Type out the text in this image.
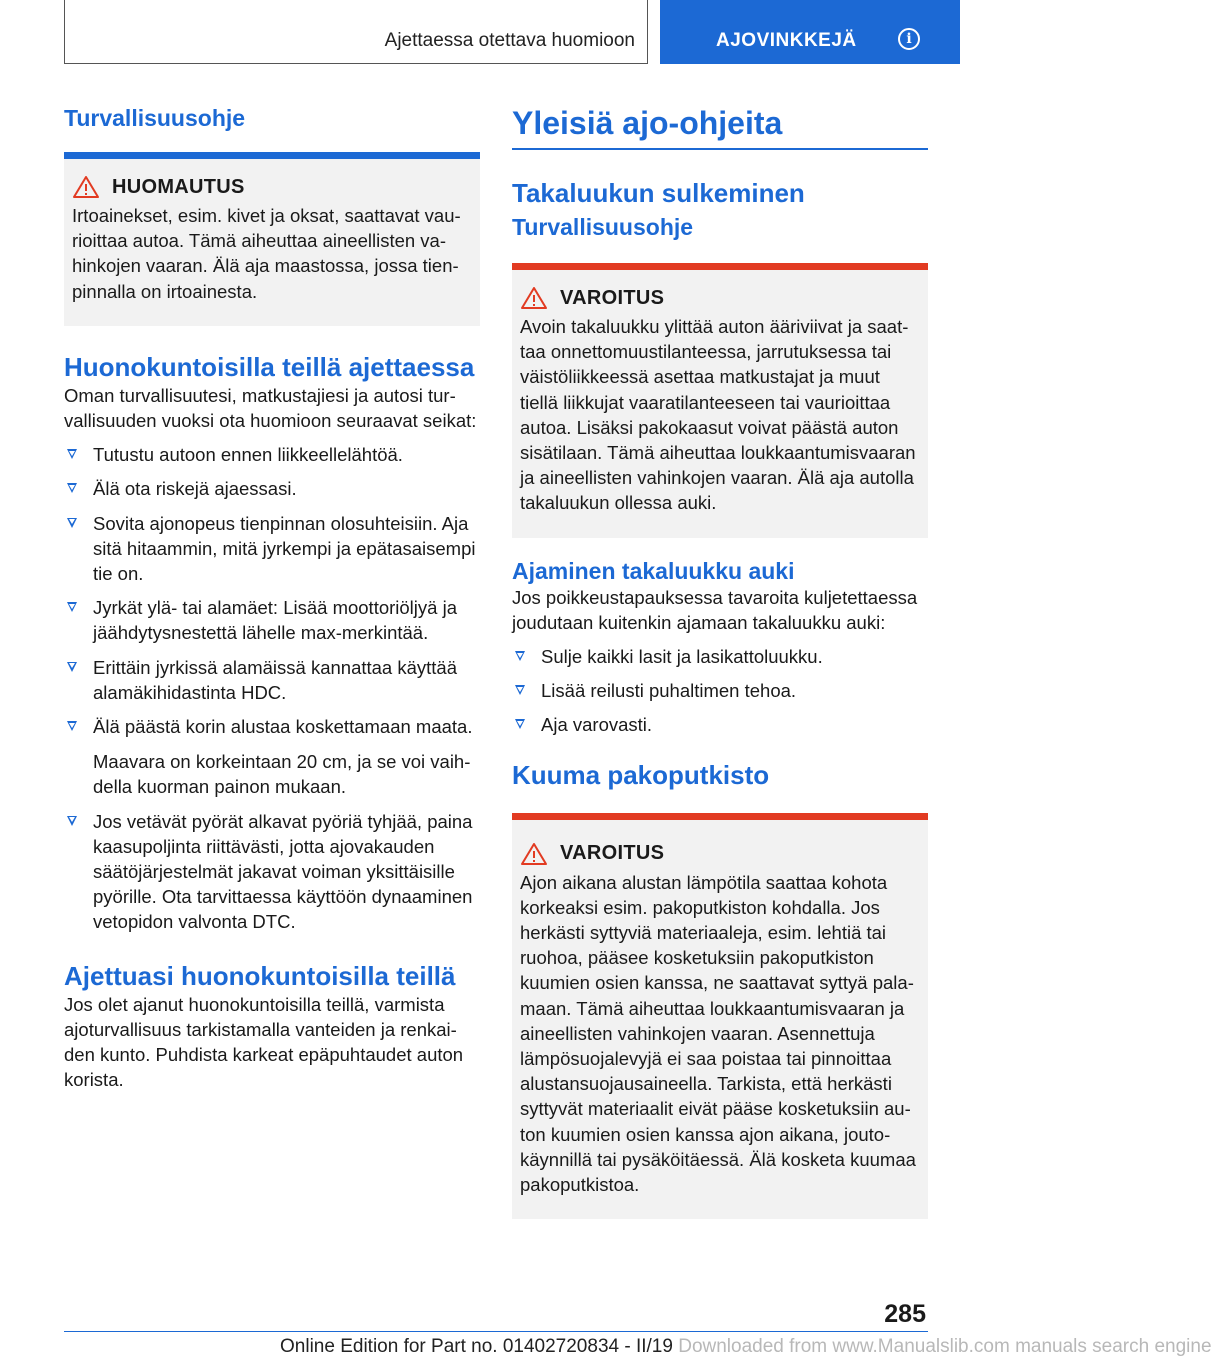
Ajettaessa otettava huomioon	AJOVINKKEJÄ	i
Turvallisuusohje
HUOMAUTUS

Irtoainekset, esim. kivet ja oksat, saattavat vaurioittaa autoa. Tämä aiheuttaa aineellisten vahinkojen vaaran. Älä aja maastossa, jossa tienpinnalla on irtoainesta.

Huonokuntoisilla teillä ajettaessa

Oman turvallisuutesi, matkustajiesi ja autosi turvallisuuden vuoksi ota huomioon seuraavat seikat:

Tutustu autoon ennen liikkeellelähtöä.
Älä ota riskejä ajaessasi.
Sovita ajonopeus tienpinnan olosuhteisiin. Aja sitä hitaammin, mitä jyrkempi ja epätasaisempi tie on.
Jyrkät ylä- tai alamäet: Lisää moottoriöljyä ja jäähdytysnestettä lähelle max-merkintää.
Erittäin jyrkissä alamäissä kannattaa käyttää alamäkihidastinta HDC.
Älä päästä korin alustaa koskettamaan maata.

Maavara on korkeintaan 20 cm, ja se voi vaihdella kuorman painon mukaan.

Jos vetävät pyörät alkavat pyöriä tyhjää, paina kaasupoljinta riittävästi, jotta ajovakauden säätöjärjestelmät jakavat voiman yksittäisille pyörille. Ota tarvittaessa käyttöön dynaaminen vetopidon valvonta DTC.
Ajettuasi huonokuntoisilla teillä

Jos olet ajanut huonokuntoisilla teillä, varmista ajoturvallisuus tarkistamalla vanteiden ja renkaiden kunto. Puhdista karkeat epäpuhtaudet auton korista.

Yleisiä ajo-ohjeita
Takaluukun sulkeminen
Turvallisuusohje
VAROITUS

Avoin takaluukku ylittää auton ääriviivat ja saattaa onnettomuustilanteessa, jarrutuksessa tai väistöliikkeessä asettaa matkustajat ja muut tiellä liikkujat vaaratilanteeseen tai vaurioittaa autoa. Lisäksi pakokaasut voivat päästä auton sisätilaan. Tämä aiheuttaa loukkaantumisvaaran ja aineellisten vahinkojen vaaran. Älä aja autolla takaluukun ollessa auki.

Ajaminen takaluukku auki

Jos poikkeustapauksessa tavaroita kuljetettaessa joudutaan kuitenkin ajamaan takaluukku auki:

Sulje kaikki lasit ja lasikattoluukku.
Lisää reilusti puhaltimen tehoa.
Aja varovasti.
Kuuma pakoputkisto
VAROITUS

Ajon aikana alustan lämpötila saattaa kohota korkeaksi esim. pakoputkiston kohdalla. Jos herkästi syttyviä materiaaleja, esim. lehtiä tai ruohoa, pääsee kosketuksiin pakoputkiston kuumien osien kanssa, ne saattavat syttyä palamaan. Tämä aiheuttaa loukkaantumisvaaran ja aineellisten vahinkojen vaaran. Asennettuja lämpösuojalevyjä ei saa poistaa tai pinnoittaa alustansuojausaineella. Tarkista, että herkästi syttyvät materiaalit eivät pääse kosketuksiin auton kuumien osien kanssa ajon aikana, joutokäynnillä tai pysäköitäessä. Älä kosketa kuumaa pakoputkistoa.

285
Online Edition for Part no. 01402720834 - II/19 Downloaded from www.Manualslib.com manuals search engine
